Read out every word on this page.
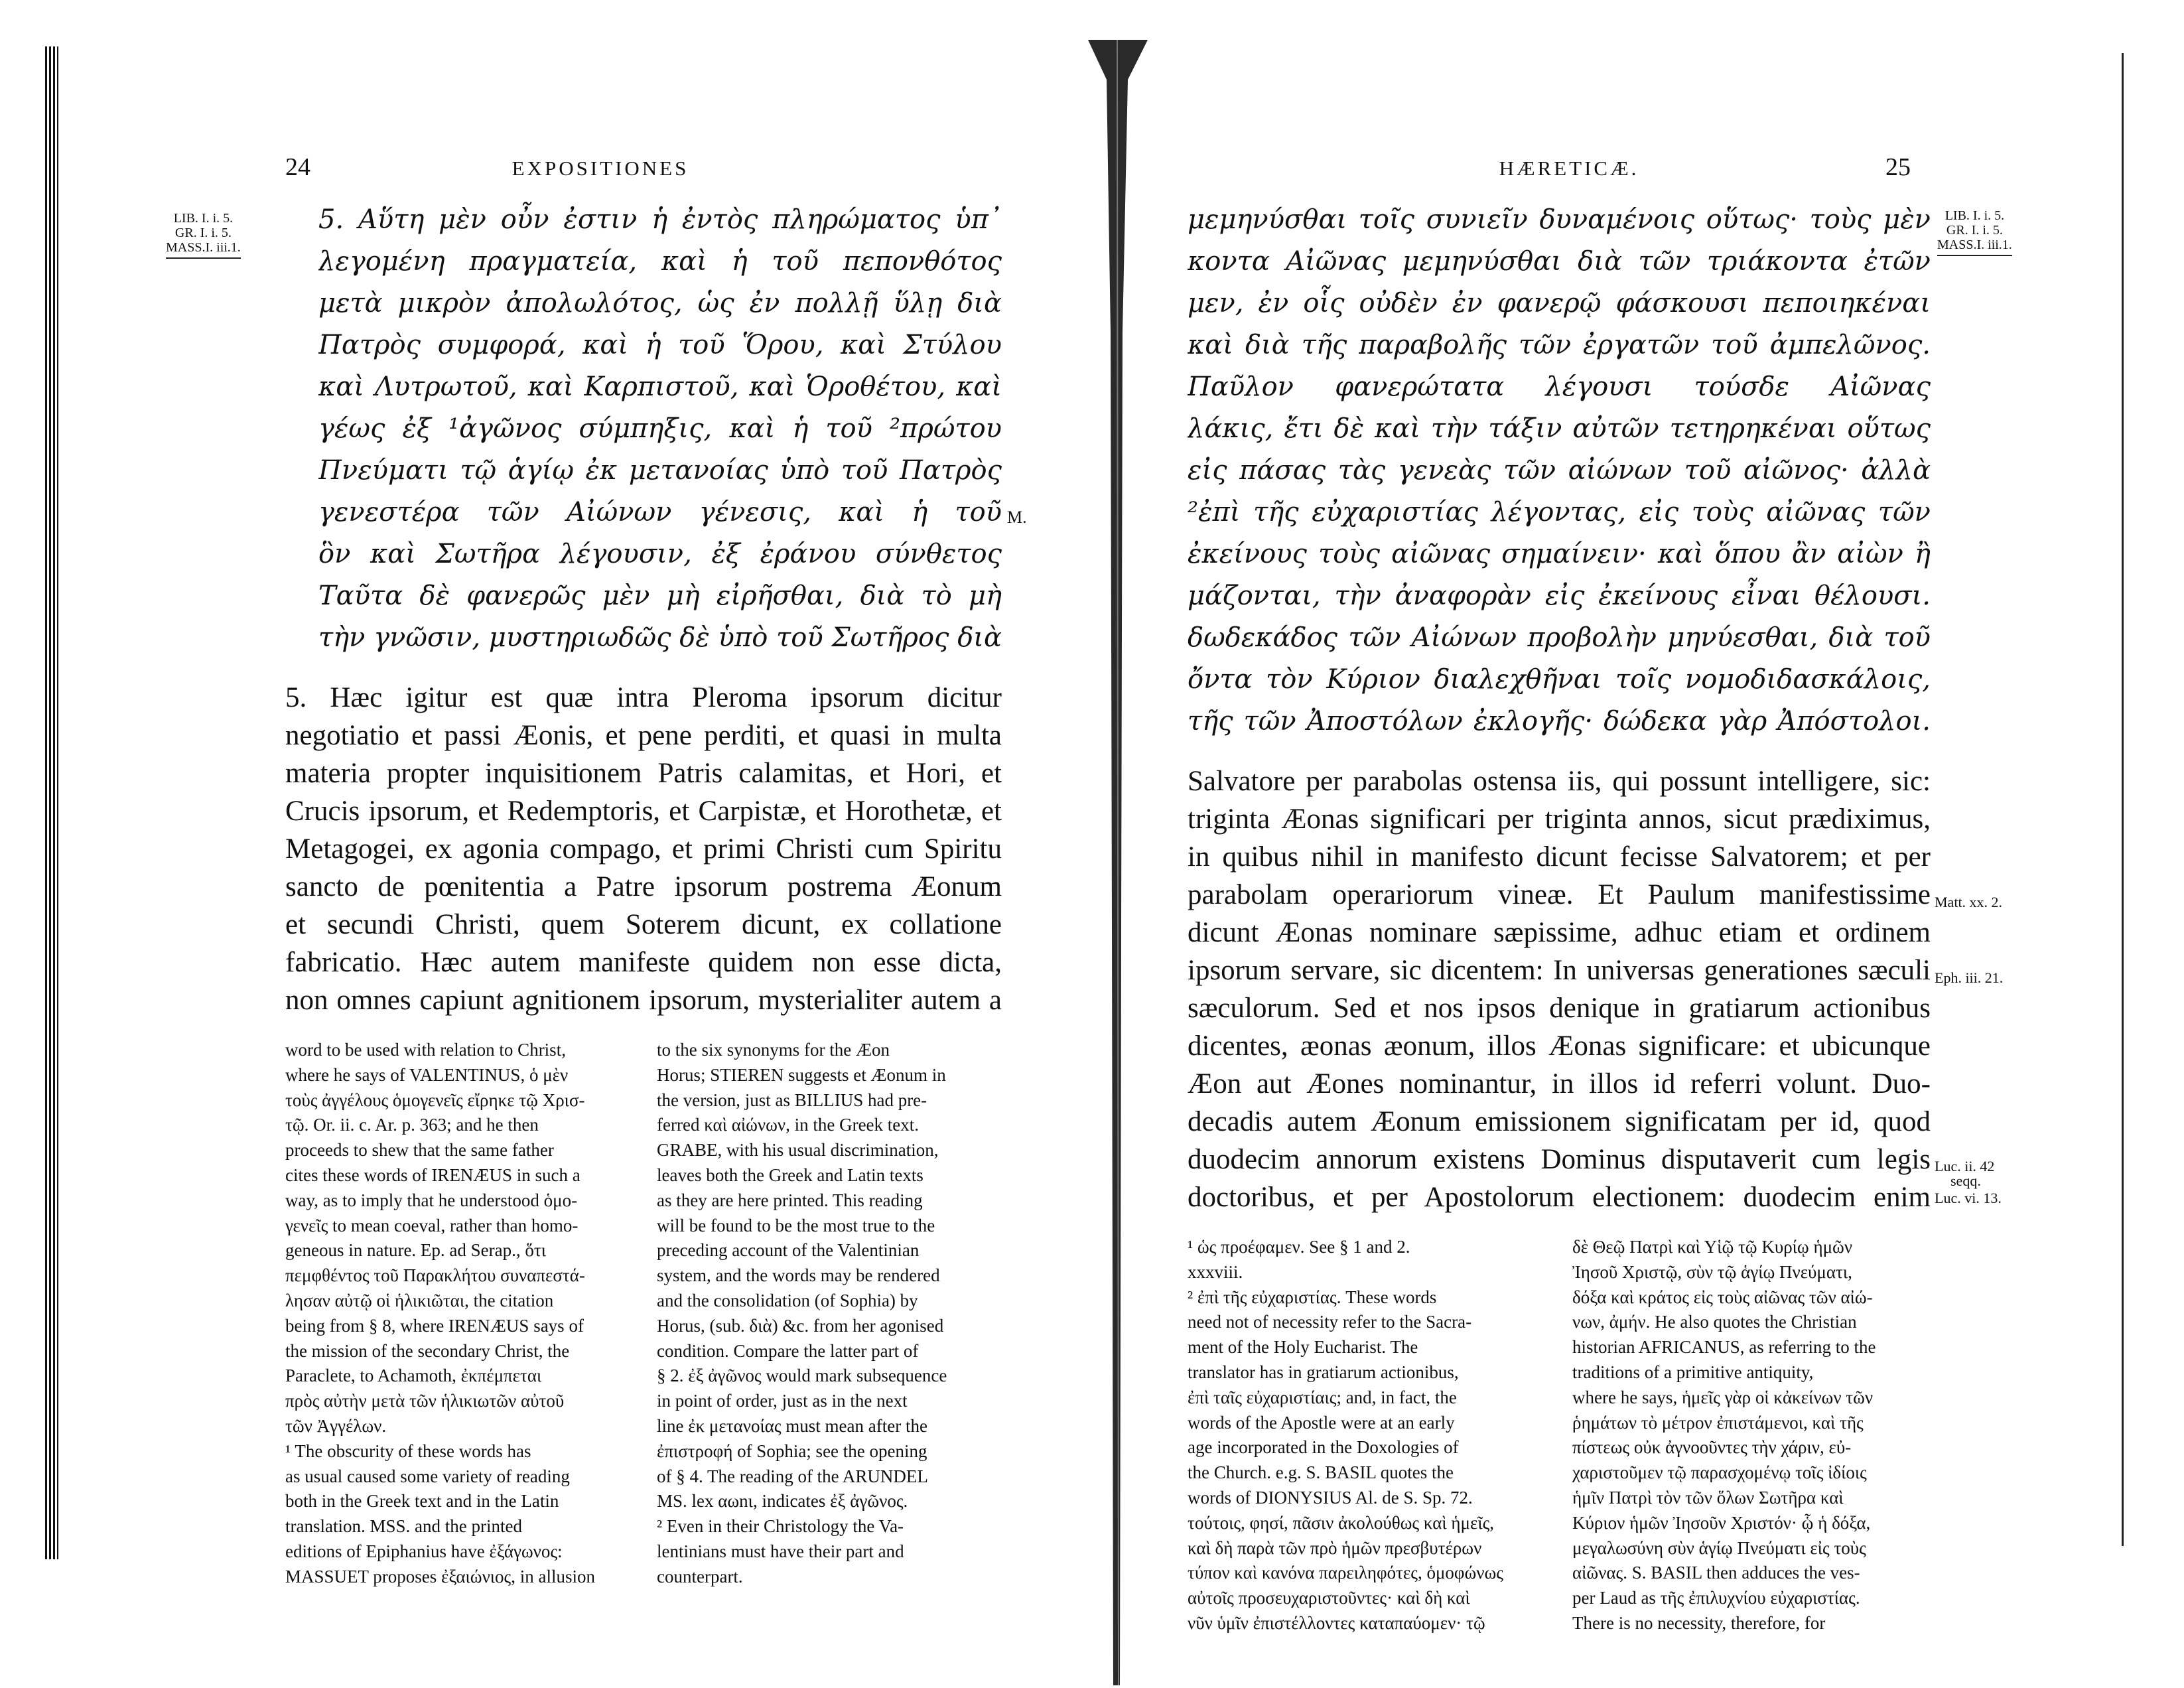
24	EXPOSITIONES
LIB. I. i. 5.
GR. I. i. 5.
MASS.I. iii.1.
M.
5. Αὕτη μὲν οὖν ἐστιν ἡ ἐντὸς πληρώματος ὑπ᾽
λεγομένη πραγματεία, καὶ ἡ τοῦ πεπονθότος
μετὰ μικρὸν ἀπολωλότος, ὡς ἐν πολλῇ ὕλῃ διὰ
Πατρὸς συμφορά, καὶ ἡ τοῦ Ὅρου, καὶ Στύλου
καὶ Λυτρωτοῦ, καὶ Καρπιστοῦ, καὶ Ὁροθέτου, καὶ
γέως ἐξ ¹ἀγῶνος σύμπηξις, καὶ ἡ τοῦ ²πρώτου
Πνεύματι τῷ ἁγίῳ ἐκ μετανοίας ὑπὸ τοῦ Πατρὸς
γενεστέρα τῶν Αἰώνων γένεσις, καὶ ἡ τοῦ
ὃν καὶ Σωτῆρα λέγουσιν, ἐξ ἐράνου σύνθετος
Ταῦτα δὲ φανερῶς μὲν μὴ εἰρῆσθαι, διὰ τὸ μὴ
τὴν γνῶσιν, μυστηριωδῶς δὲ ὑπὸ τοῦ Σωτῆρος διὰ
5. Hæc igitur est quæ intra Pleroma ipsorum dicitur
negotiatio et passi Æonis, et pene perditi, et quasi in multa
materia propter inquisitionem Patris calamitas, et Hori, et
Crucis ipsorum, et Redemptoris, et Carpistæ, et Horothetæ, et
Metagogei, ex agonia compago, et primi Christi cum Spiritu
sancto de pœnitentia a Patre ipsorum postrema Æonum
et secundi Christi, quem Soterem dicunt, ex collatione
fabricatio. Hæc autem manifeste quidem non esse dicta,
non omnes capiunt agnitionem ipsorum, mysterialiter autem a
word to be used with relation to Christ,
where he says of VALENTINUS, ὁ μὲν
τοὺς ἀγγέλους ὁμογενεῖς εἴρηκε τῷ Χρισ-
τῷ. Or. ii. c. Ar. p. 363; and he then
proceeds to shew that the same father
cites these words of IRENÆUS in such a
way, as to imply that he understood ὁμο-
γενεῖς to mean coeval, rather than homo-
geneous in nature. Ep. ad Serap., ὅτι
πεμφθέντος τοῦ Παρακλήτου συναπεστά-
λησαν αὐτῷ οἱ ἡλικιῶται, the citation
being from § 8, where IRENÆUS says of
the mission of the secondary Christ, the
Paraclete, to Achamoth, ἐκπέμπεται
πρὸς αὐτὴν μετὰ τῶν ἡλικιωτῶν αὐτοῦ
τῶν Ἀγγέλων.
¹ The obscurity of these words has
as usual caused some variety of reading
both in the Greek text and in the Latin
translation. MSS. and the printed
editions of Epiphanius have ἐξάγωνος:
MASSUET proposes ἐξαιώνιος, in allusion
to the six synonyms for the Æon
Horus; STIEREN suggests et Æonum in
the version, just as BILLIUS had pre-
ferred καὶ αἰώνων, in the Greek text.
GRABE, with his usual discrimination,
leaves both the Greek and Latin texts
as they are here printed. This reading
will be found to be the most true to the
preceding account of the Valentinian
system, and the words may be rendered
and the consolidation (of Sophia) by
Horus, (sub. διὰ) &c. from her agonised
condition. Compare the latter part of
§ 2. ἐξ ἀγῶνος would mark subsequence
in point of order, just as in the next
line ἐκ μετανοίας must mean after the
ἐπιστροφή of Sophia; see the opening
of § 4. The reading of the ARUNDEL
MS. lex αωnι, indicates ἐξ ἀγῶνος.
² Even in their Christology the Va-
lentinians must have their part and
counterpart.
HÆRETICÆ.	25
LIB. I. i. 5.
GR. I. i. 5.
MASS.I. iii.1.
μεμηνύσθαι τοῖς συνιεῖν δυναμένοις οὕτως· τοὺς μὲν
κοντα Αἰῶνας μεμηνύσθαι διὰ τῶν τριάκοντα ἐτῶν
μεν, ἐν οἷς οὐδὲν ἐν φανερῷ φάσκουσι πεποιηκέναι
καὶ διὰ τῆς παραβολῆς τῶν ἐργατῶν τοῦ ἀμπελῶνος.
Παῦλον φανερώτατα λέγουσι τούσδε Αἰῶνας
λάκις, ἔτι δὲ καὶ τὴν τάξιν αὐτῶν τετηρηκέναι οὕτως
εἰς πάσας τὰς γενεὰς τῶν αἰώνων τοῦ αἰῶνος· ἀλλὰ
²ἐπὶ τῆς εὐχαριστίας λέγοντας, εἰς τοὺς αἰῶνας τῶν
ἐκείνους τοὺς αἰῶνας σημαίνειν· καὶ ὅπου ἂν αἰὼν ἢ
μάζονται, τὴν ἀναφορὰν εἰς ἐκείνους εἶναι θέλουσι.
δωδεκάδος τῶν Αἰώνων προβολὴν μηνύεσθαι, διὰ τοῦ
ὄντα τὸν Κύριον διαλεχθῆναι τοῖς νομοδιδασκάλοις,
τῆς τῶν Ἀποστόλων ἐκλογῆς· δώδεκα γὰρ Ἀπόστολοι.
Salvatore per parabolas ostensa iis, qui possunt intelligere, sic:
triginta Æonas significari per triginta annos, sicut prædiximus,
in quibus nihil in manifesto dicunt fecisse Salvatorem; et per
parabolam operariorum vineæ. Et Paulum manifestissime
dicunt Æonas nominare sæpissime, adhuc etiam et ordinem
ipsorum servare, sic dicentem: In universas generationes sæculi
sæculorum. Sed et nos ipsos denique in gratiarum actionibus
dicentes, æonas æonum, illos Æonas significare: et ubicunque
Æon aut Æones nominantur, in illos id referri volunt. Duo-
decadis autem Æonum emissionem significatam per id, quod
duodecim annorum existens Dominus disputaverit cum legis
doctoribus, et per Apostolorum electionem: duodecim enim
Matt. xx. 2.
Eph. iii. 21.
Luc. ii. 42
seqq.
Luc. vi. 13.
¹ ὡς προέφαμεν. See § 1 and 2.
xxxviii.
² ἐπὶ τῆς εὐχαριστίας. These words
need not of necessity refer to the Sacra-
ment of the Holy Eucharist. The
translator has in gratiarum actionibus,
ἐπὶ ταῖς εὐχαριστίαις; and, in fact, the
words of the Apostle were at an early
age incorporated in the Doxologies of
the Church. e.g. S. BASIL quotes the
words of DIONYSIUS Al. de S. Sp. 72.
τούτοις, φησί, πᾶσιν ἀκολούθως καὶ ἡμεῖς,
καὶ δὴ παρὰ τῶν πρὸ ἡμῶν πρεσβυτέρων
τύπον καὶ κανόνα παρειληφότες, ὁμοφώνως
αὐτοῖς προσευχαριστοῦντες· καὶ δὴ καὶ
νῦν ὑμῖν ἐπιστέλλοντες καταπαύομεν· τῷ
δὲ Θεῷ Πατρὶ καὶ Υἱῷ τῷ Κυρίῳ ἡμῶν
Ἰησοῦ Χριστῷ, σὺν τῷ ἁγίῳ Πνεύματι,
δόξα καὶ κράτος εἰς τοὺς αἰῶνας τῶν αἰώ-
νων, ἀμήν. He also quotes the Christian
historian AFRICANUS, as referring to the
traditions of a primitive antiquity,
where he says, ἡμεῖς γὰρ οἱ κἀκείνων τῶν
ῥημάτων τὸ μέτρον ἐπιστάμενοι, καὶ τῆς
πίστεως οὐκ ἀγνοοῦντες τὴν χάριν, εὐ-
χαριστοῦμεν τῷ παρασχομένῳ τοῖς ἰδίοις
ἡμῖν Πατρὶ τὸν τῶν ὅλων Σωτῆρα καὶ
Κύριον ἡμῶν Ἰησοῦν Χριστόν· ᾧ ἡ δόξα,
μεγαλωσύνη σὺν ἁγίῳ Πνεύματι εἰς τοὺς
αἰῶνας. S. BASIL then adduces the ves-
per Laud as τῆς ἐπιλυχνίου εὐχαριστίας.
There is no necessity, therefore, for
